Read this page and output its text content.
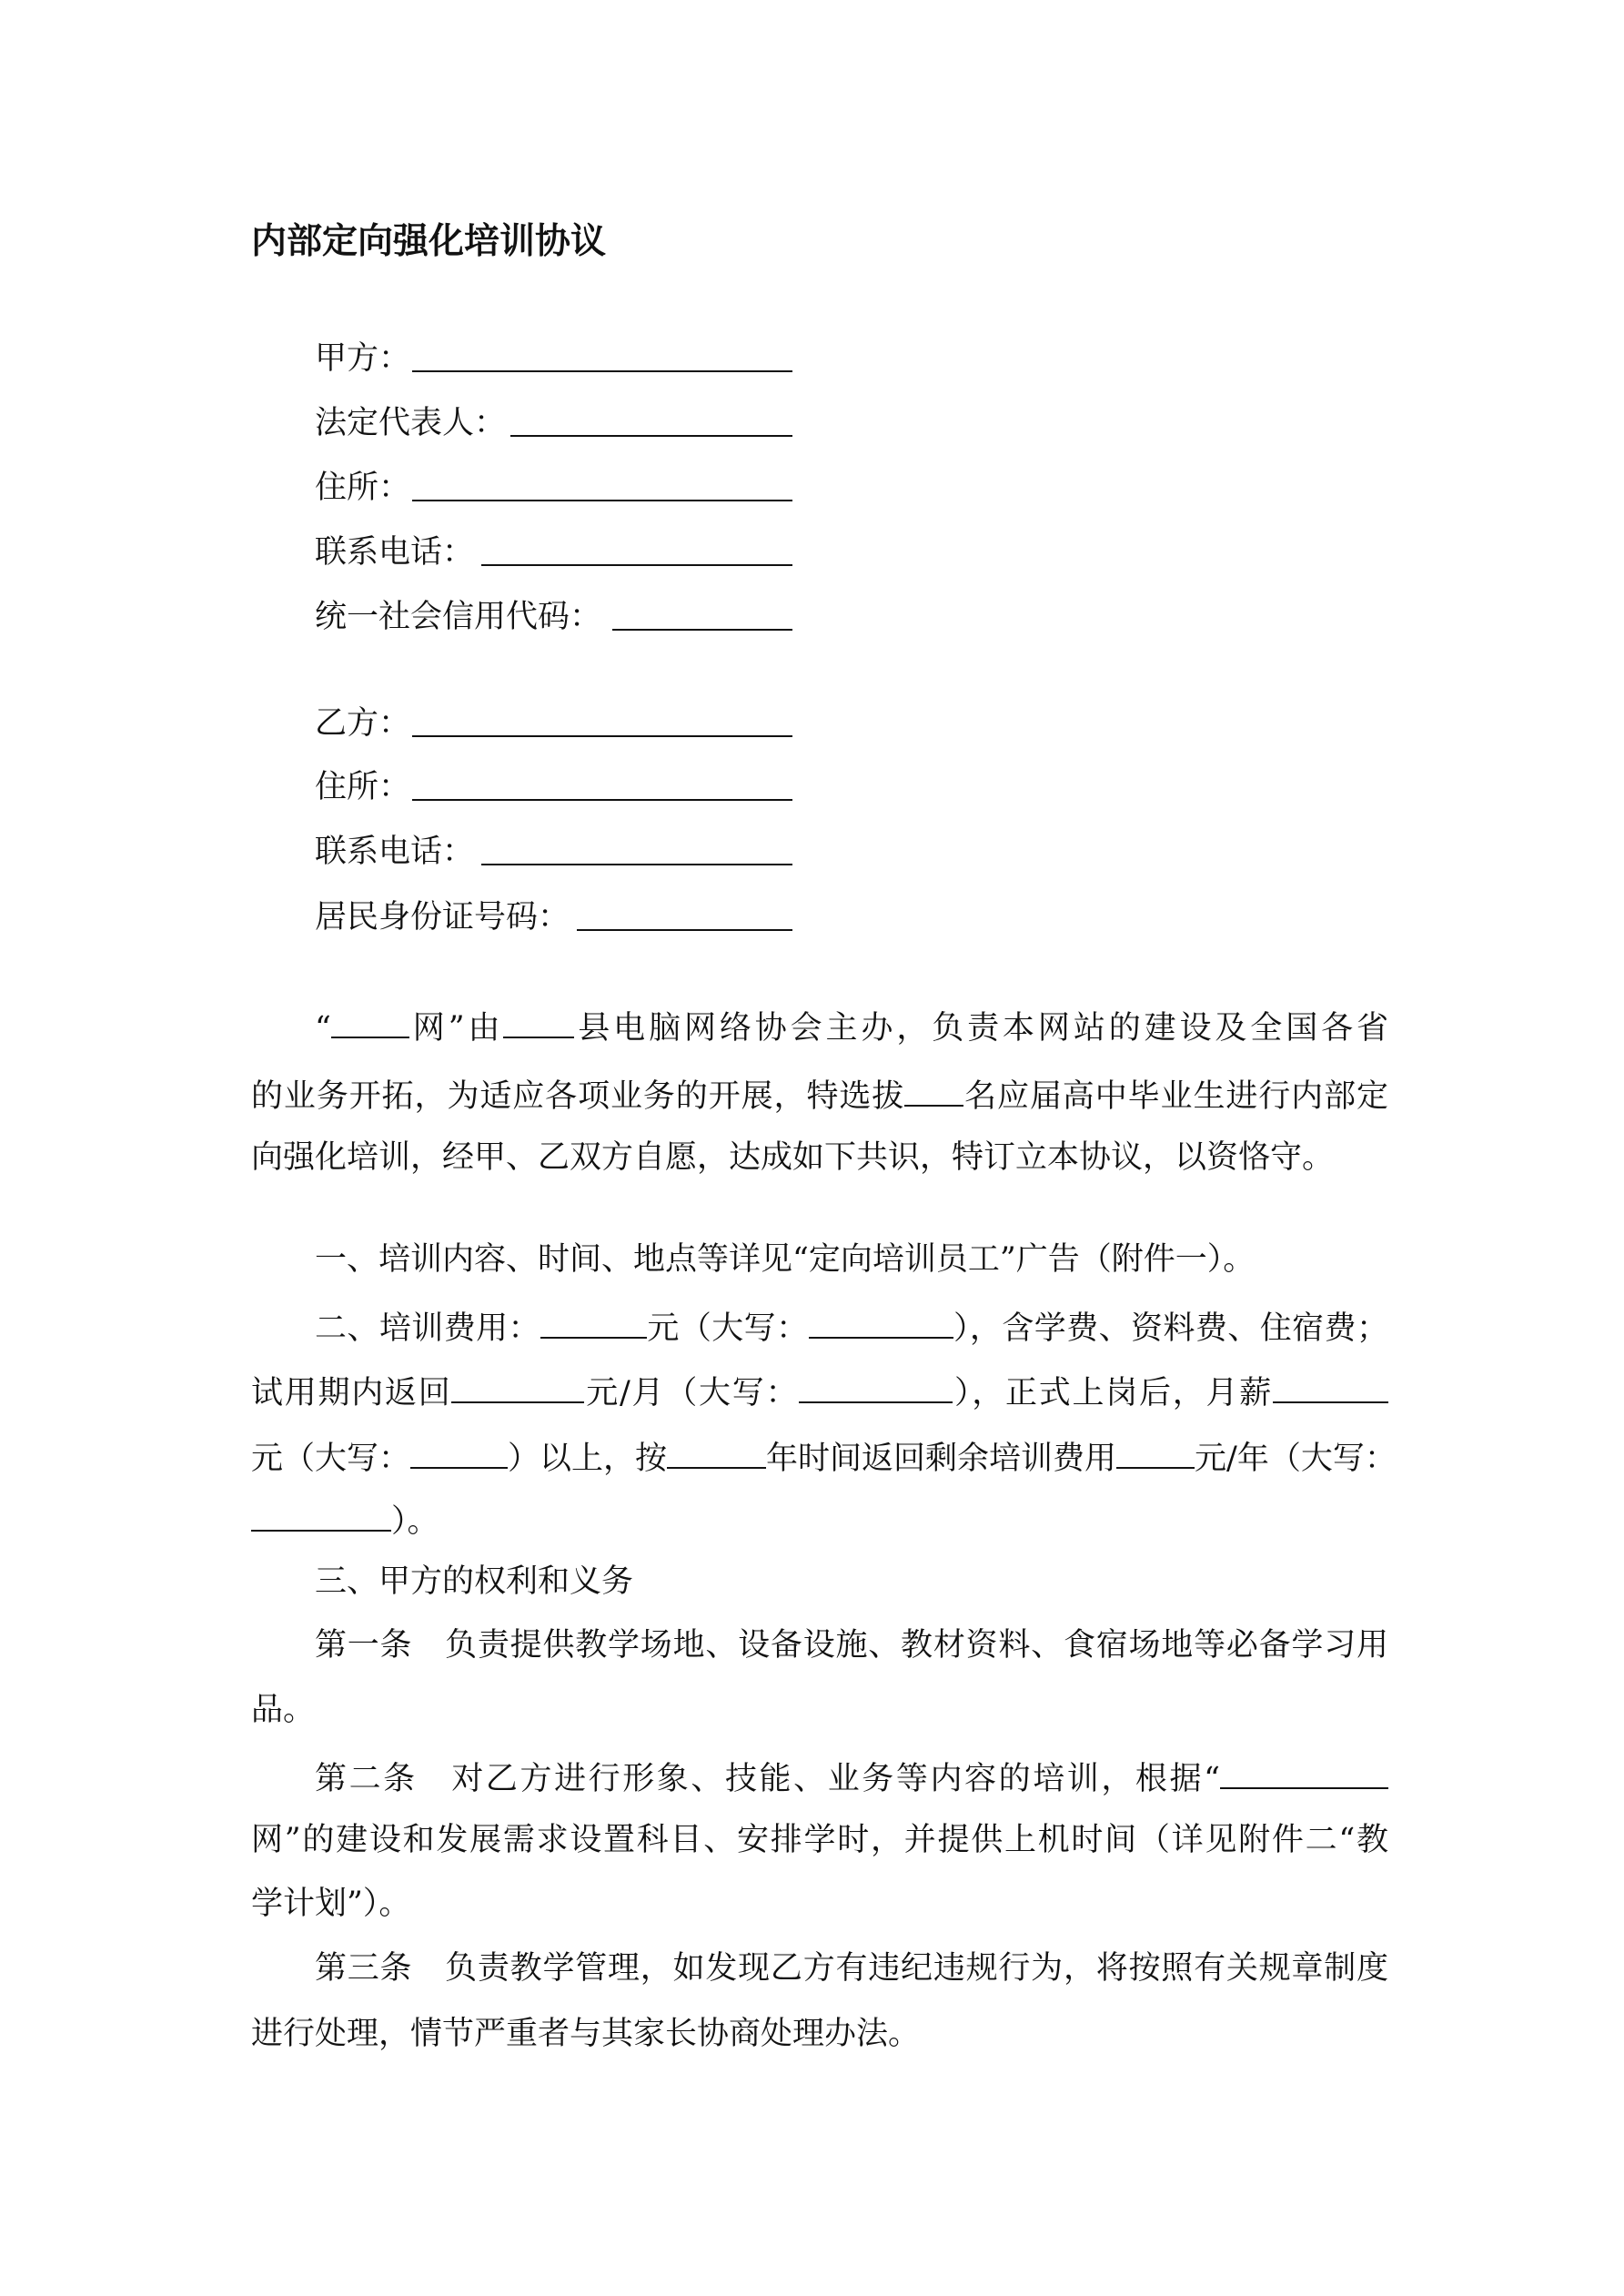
内部定向强化培训协议
甲方：
法定代表人：
住所：
联系电话：
统一社会信用代码：
乙方：
住所：
联系电话：
居民身份证号码：
“ 网”由 县电脑网络协会主办，负责本网站的建设及全国各省
的业务开拓，为适应各项业务的开展，特选拔 名应届高中毕业生进行内部定
向强化培训，经甲、乙双方自愿，达成如下共识，特订立本协议，以资恪守。
一、培训内容、时间、地点等详见“定向培训员工”广告（附件一）。
二、培训费用：	元（大写：	），含学费、资料费、住宿费；
试用期内返回	元/月（大写：	），正式上岗后，月薪
元（大写：	）以上，按	年时间返回剩余培训费用 元/年（大写：
）。
三、甲方的权利和义务
第一条　负责提供教学场地、设备设施、教材资料、食宿场地等必备学习用
品。
第二条　对乙方进行形象、技能、业务等内容的培训，根据“
网”的建设和发展需求设置科目、安排学时，并提供上机时间（详见附件二“教
学计划”）。
第三条　负责教学管理，如发现乙方有违纪违规行为，将按照有关规章制度
进行处理，情节严重者与其家长协商处理办法。
